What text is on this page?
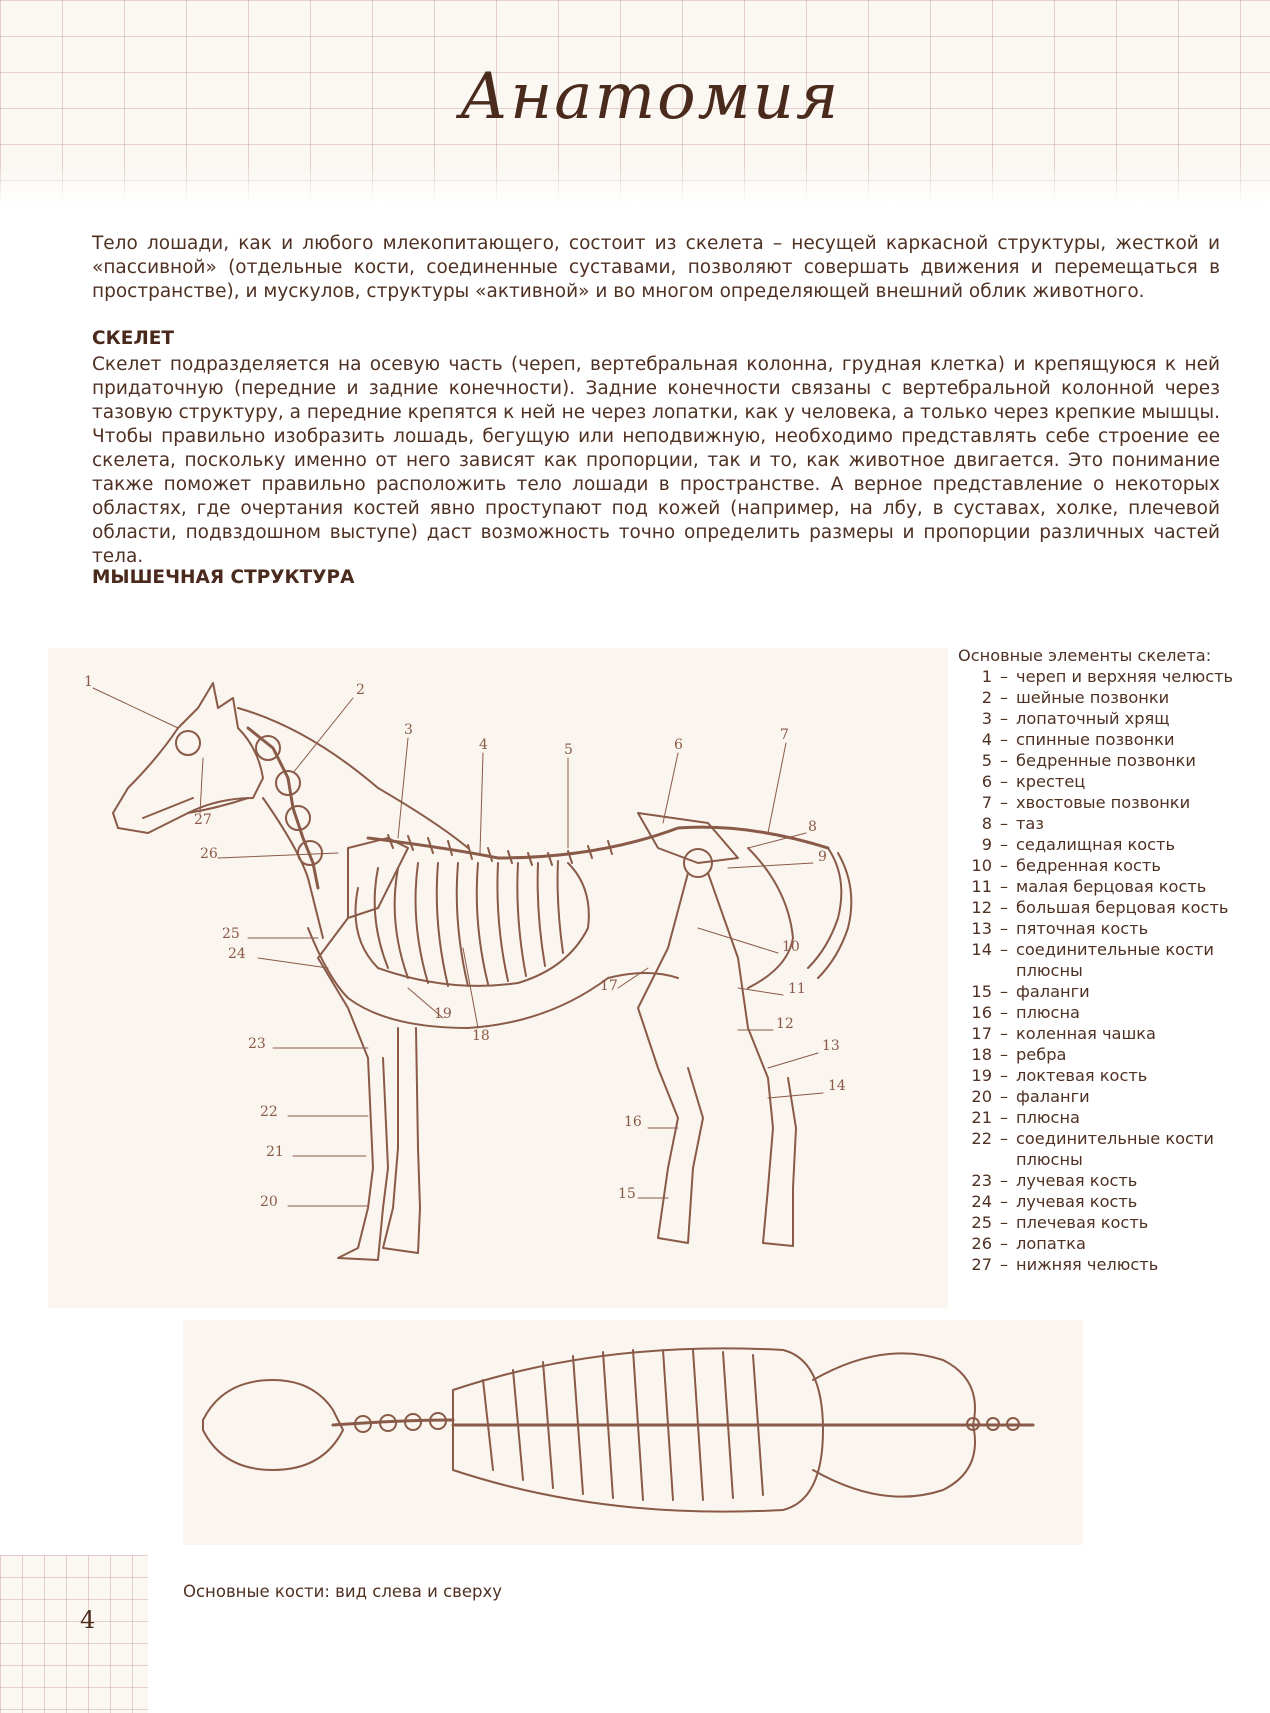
Анатомия

Тело лошади, как и любого млекопитающего, состоит из скелета – несущей каркасной структуры, жесткой и «пассивной» (отдельные кости, соединенные суставами, позволяют совершать движения и перемещаться в пространстве), и мускулов, структуры «активной» и во многом определяющей внешний облик животного.

СКЕЛЕТ

Скелет подразделяется на осевую часть (череп, вертебральная колонна, грудная клетка) и крепящуюся к ней придаточную (передние и задние конечности). Задние конечности связаны с вертебральной колонной через тазовую структуру, а передние крепятся к ней не через лопатки, как у человека, а только через крепкие мышцы. Чтобы правильно изобразить лошадь, бегущую или неподвижную, необходимо представлять себе строение ее скелета, поскольку именно от него зависят как пропорции, так и то, как животное двигается. Это понимание также поможет правильно расположить тело лошади в пространстве. А верное представление о некоторых областях, где очертания костей явно проступают под кожей (например, на лбу, в суставах, холке, плечевой области, подвздошном выступе) даст возможность точно определить размеры и пропорции различных частей тела.

МЫШЕЧНАЯ СТРУКТУРА
1	2
3
4	5	6
7
8
9
10
11
12
13
14
15
16
17
18
19
20
21
22
23
24
25
26
27

Основные элементы скелета:

1 – череп и верхняя челюсть
2 – шейные позвонки
3 – лопаточный хрящ
4 – спинные позвонки
5 – бедренные позвонки
6 – крестец
7 – хвостовые позвонки
8 – таз
9 – седалищная кость
10 – бедренная кость
11 – малая берцовая кость
12 – большая берцовая кость
13 – пяточная кость
14 – соединительные кости плюсны
15 – фаланги
16 – плюсна
17 – коленная чашка
18 – ребра
19 – локтевая кость
20 – фаланги
21 – плюсна
22 – соединительные кости плюсны
23 – лучевая кость
24 – лучевая кость
25 – плечевая кость
26 – лопатка
27 – нижняя челюсть
Основные кости: вид слева и сверху
4
